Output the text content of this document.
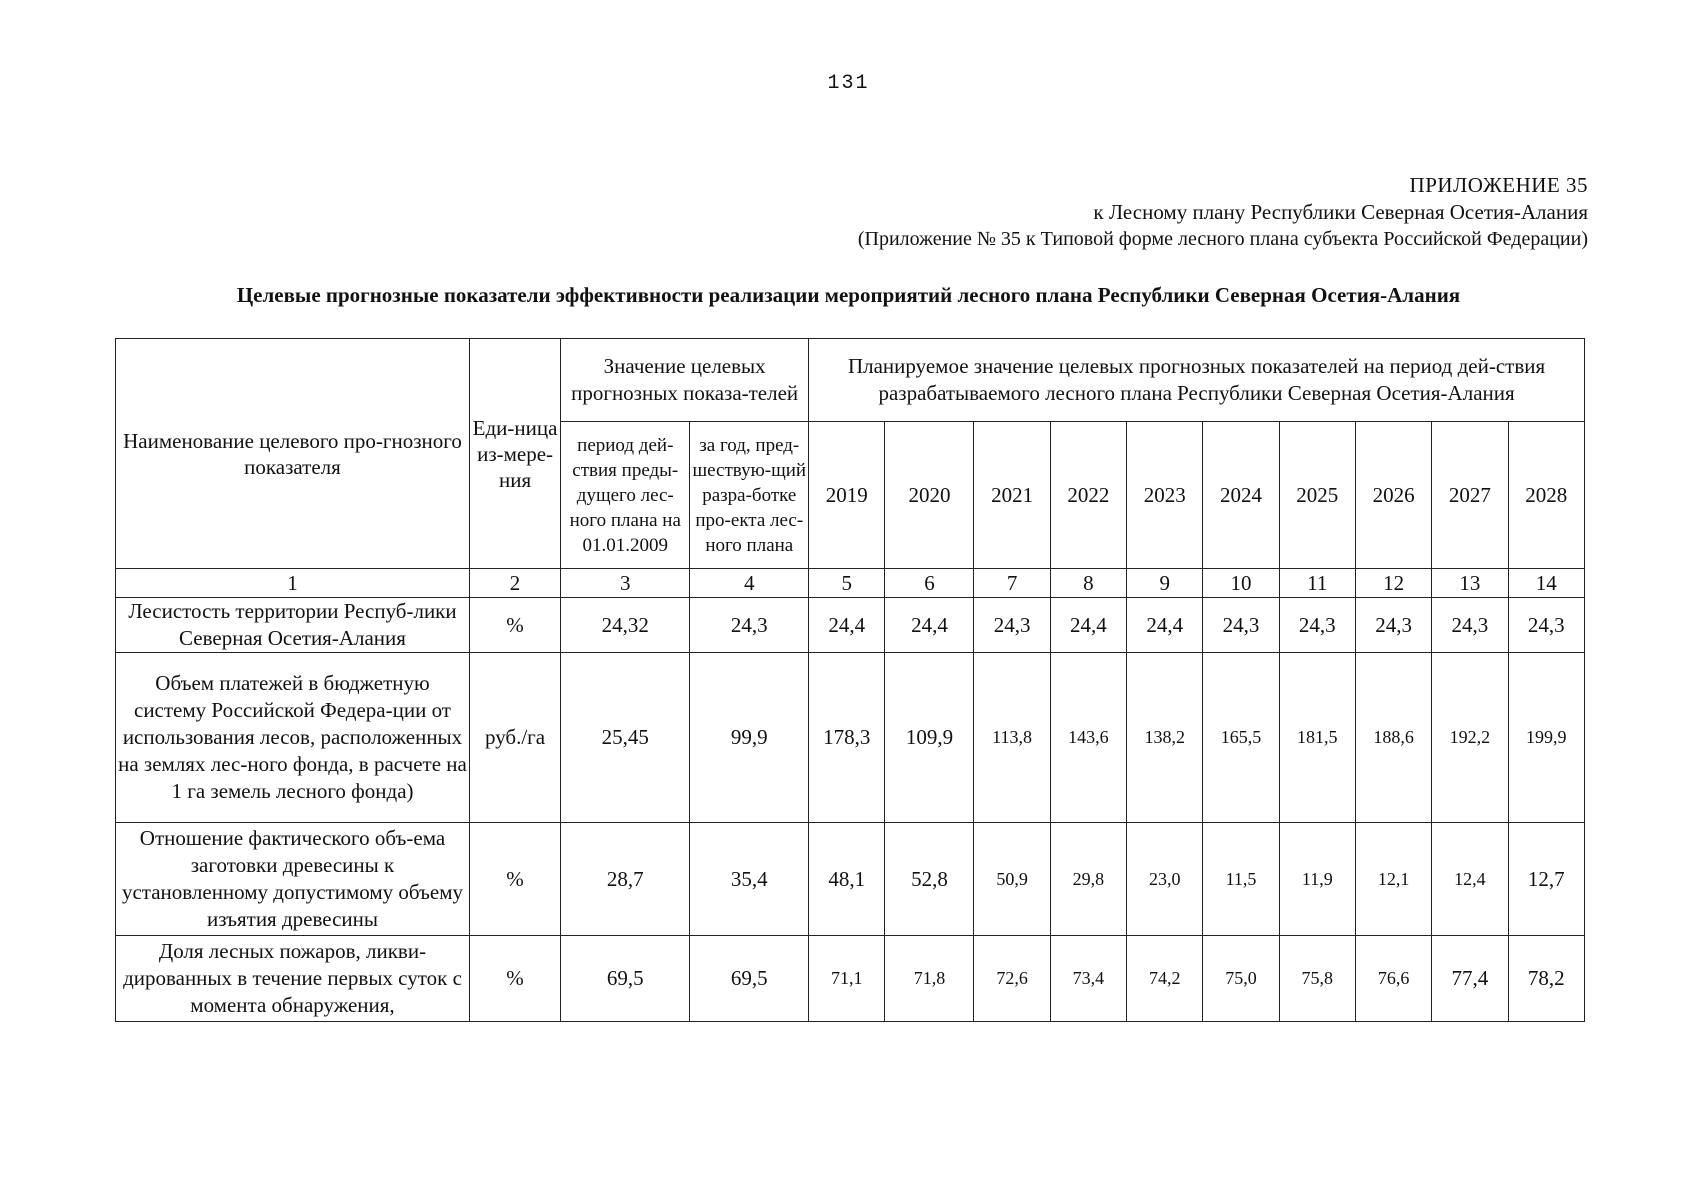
131
ПРИЛОЖЕНИЕ 35
к Лесному плану Республики Северная Осетия-Алания
(Приложение № 35 к Типовой форме лесного плана субъекта Российской Федерации)
Целевые прогнозные показатели эффективности реализации мероприятий лесного плана Республики Северная Осетия-Алания
Наименование целевого про-гнозного показателя	Еди-ница из-мере-ния	Значение целевых прогнозных показа-телей		Планируемое значение целевых прогнозных показателей на период дей-ствия разрабатываемого лесного плана Республики Северная Осетия-Алания									
		период дей-ствия преды-дущего лес-ного плана на 01.01.2009	за год, пред-шествую-щий разра-ботке про-екта лес-ного плана	2019	2020	2021	2022	2023	2024	2025	2026	2027	2028
1	2	3	4	5	6	7	8	9	10	11	12	13	14
Лесистость территории Респуб-лики Северная Осетия-Алания	%	24,32	24,3	24,4	24,4	24,3	24,4	24,4	24,3	24,3	24,3	24,3	24,3
Объем платежей в бюджетную систему Российской Федера-ции от использования лесов, расположенных на землях лес-ного фонда, в расчете на 1 га земель лесного фонда)	руб./га	25,45	99,9	178,3	109,9	113,8	143,6	138,2	165,5	181,5	188,6	192,2	199,9
Отношение фактического объ-ема заготовки древесины к установленному допустимому объему изъятия древесины	%	28,7	35,4	48,1	52,8	50,9	29,8	23,0	11,5	11,9	12,1	12,4	12,7
Доля лесных пожаров, ликви-дированных в течение первых суток с момента обнаружения,	%	69,5	69,5	71,1	71,8	72,6	73,4	74,2	75,0	75,8	76,6	77,4	78,2
